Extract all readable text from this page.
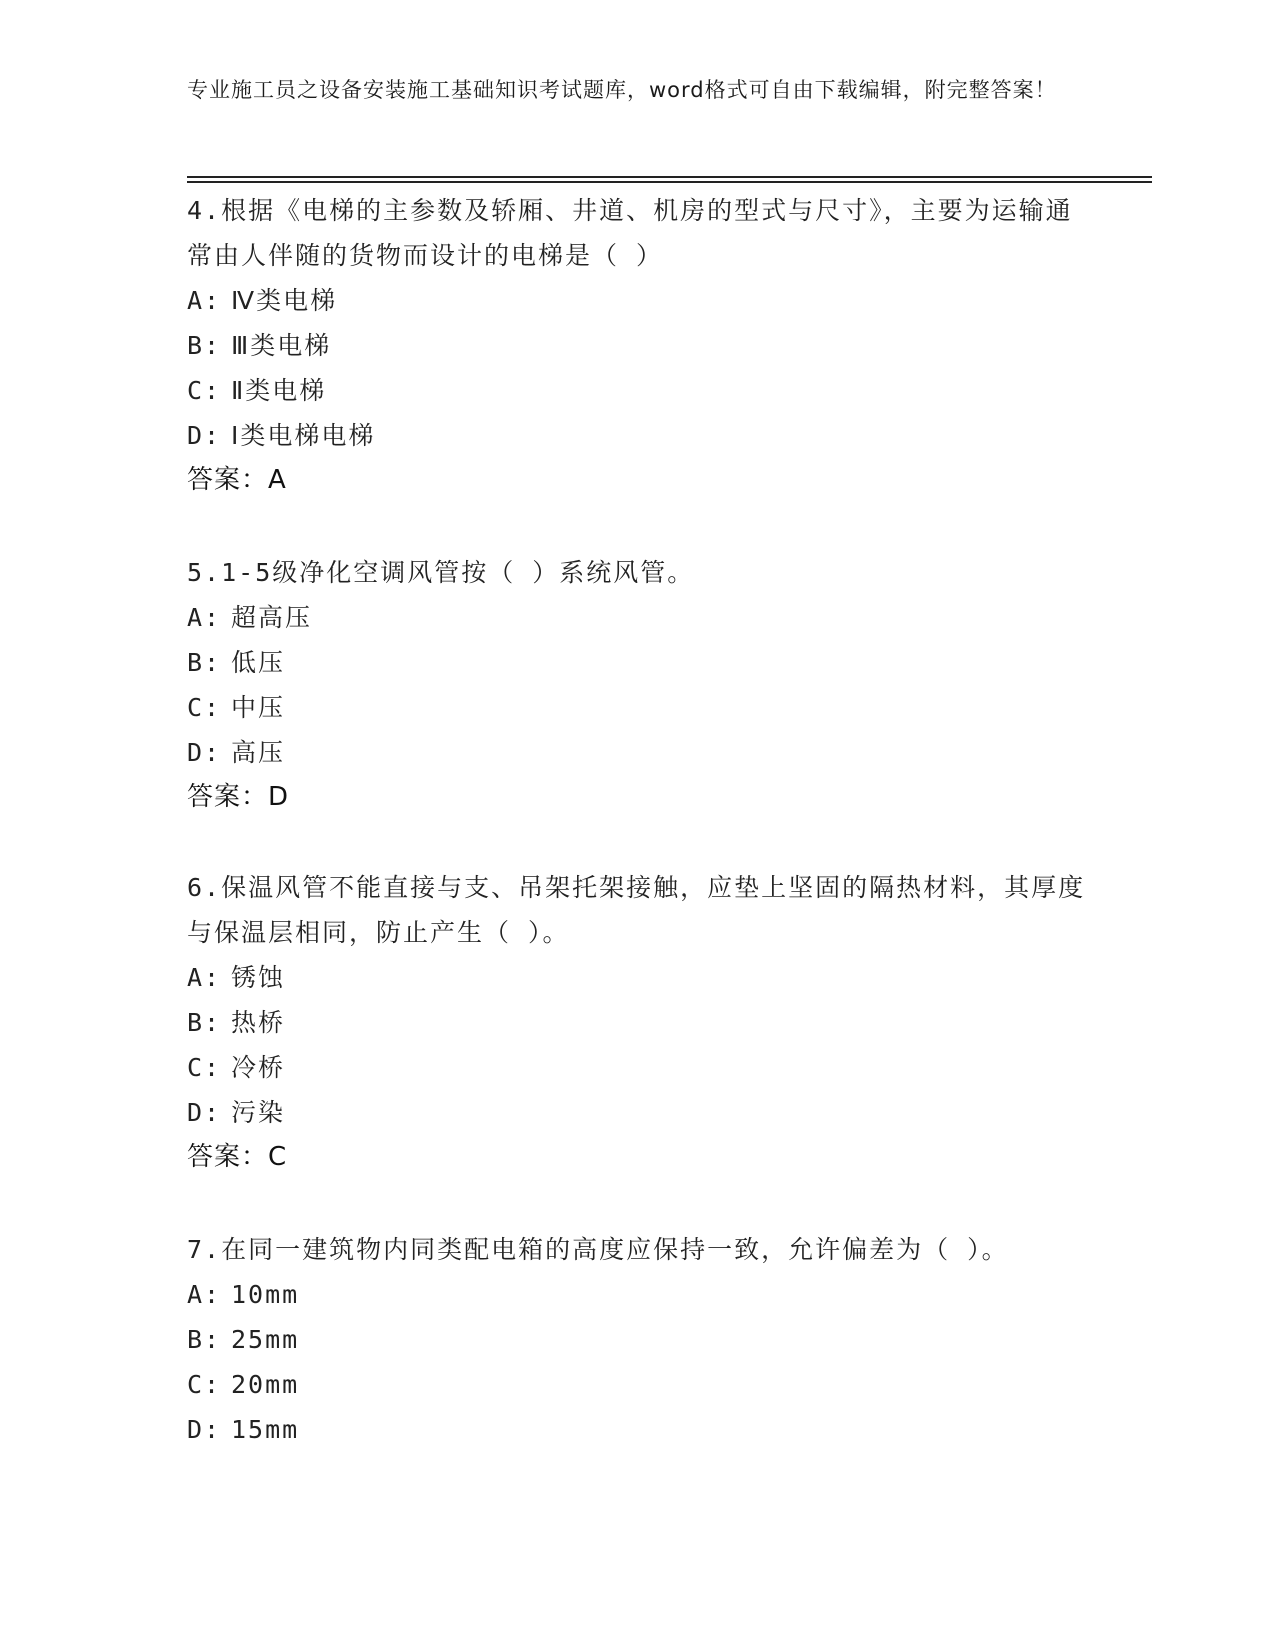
专业施工员之设备安装施工基础知识考试题库，word格式可自由下载编辑，附完整答案！
4.根据《电梯的主参数及轿厢、井道、机房的型式与尺寸》，主要为运输通常由人伴随的货物而设计的电梯是（ ）
A: Ⅳ类电梯
B: Ⅲ类电梯
C: Ⅱ类电梯
D: Ⅰ类电梯电梯
答案：A
5.1-5级净化空调风管按（ ）系统风管。
A: 超高压
B: 低压
C: 中压
D: 高压
答案：D
6.保温风管不能直接与支、吊架托架接触，应垫上坚固的隔热材料，其厚度与保温层相同，防止产生（ ）。
A: 锈蚀
B: 热桥
C: 冷桥
D: 污染
答案：C
7.在同一建筑物内同类配电箱的高度应保持一致，允许偏差为（ ）。
A: 10mm
B: 25mm
C: 20mm
D: 15mm
